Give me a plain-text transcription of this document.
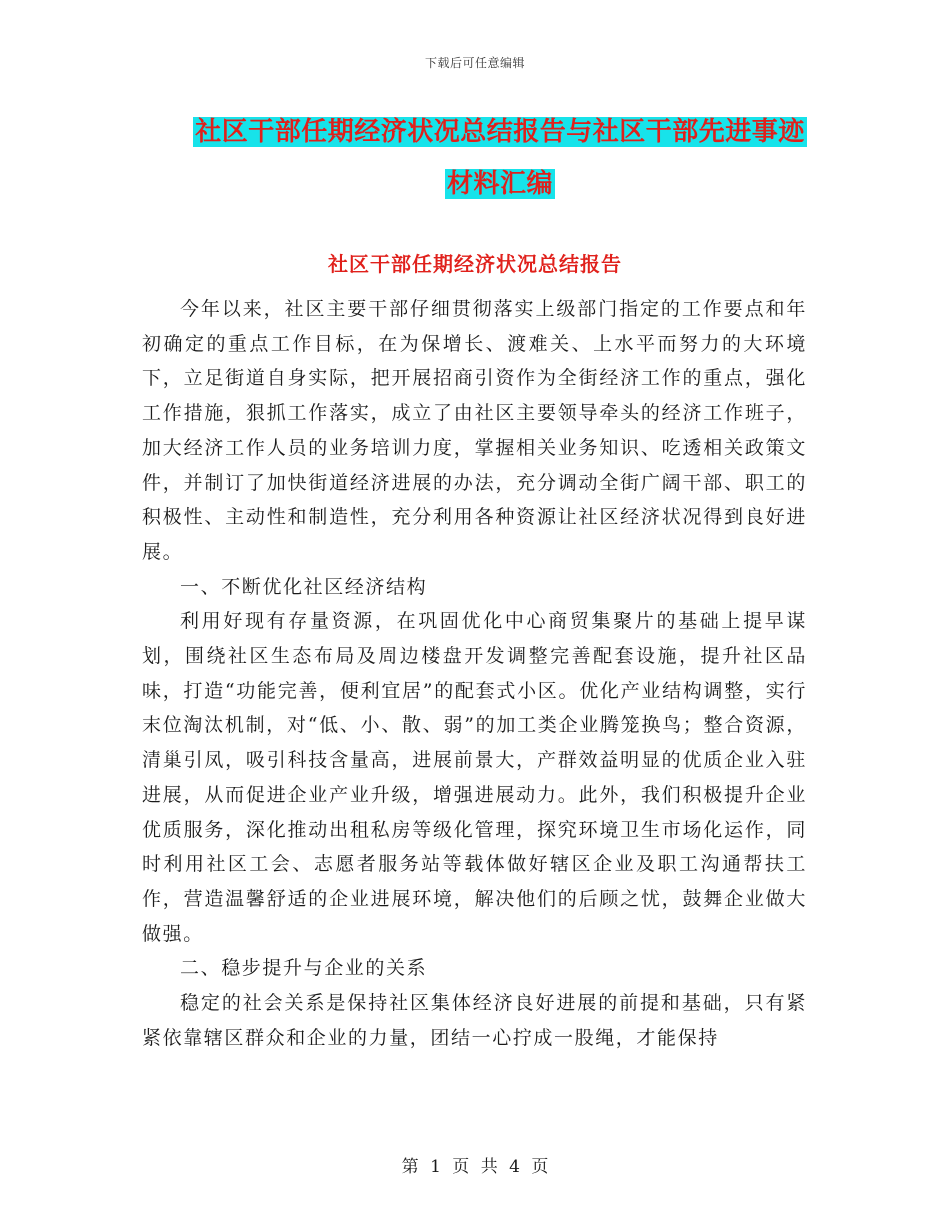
下载后可任意编辑
社区干部任期经济状况总结报告与社区干部先进事迹
材料汇编
社区干部任期经济状况总结报告

今年以来，社区主要干部仔细贯彻落实上级部门指定的工作要点和年初确定的重点工作目标，在为保增长、渡难关、上水平而努力的大环境下，立足街道自身实际，把开展招商引资作为全街经济工作的重点，强化工作措施，狠抓工作落实，成立了由社区主要领导牵头的经济工作班子，加大经济工作人员的业务培训力度，掌握相关业务知识、吃透相关政策文件，并制订了加快街道经济进展的办法，充分调动全街广阔干部、职工的积极性、主动性和制造性，充分利用各种资源让社区经济状况得到良好进展。

一、不断优化社区经济结构

利用好现有存量资源，在巩固优化中心商贸集聚片的基础上提早谋划，围绕社区生态布局及周边楼盘开发调整完善配套设施，提升社区品味，打造“功能完善，便利宜居”的配套式小区。优化产业结构调整，实行末位淘汰机制，对“低、小、散、弱”的加工类企业腾笼换鸟；整合资源，清巢引凤，吸引科技含量高，进展前景大，产群效益明显的优质企业入驻进展，从而促进企业产业升级，增强进展动力。此外，我们积极提升企业优质服务，深化推动出租私房等级化管理，探究环境卫生市场化运作，同时利用社区工会、志愿者服务站等载体做好辖区企业及职工沟通帮扶工作，营造温馨舒适的企业进展环境，解决他们的后顾之忧，鼓舞企业做大做强。

二、稳步提升与企业的关系

稳定的社会关系是保持社区集体经济良好进展的前提和基础，只有紧紧依靠辖区群众和企业的力量，团结一心拧成一股绳，才能保持

第 1 页 共 4 页
